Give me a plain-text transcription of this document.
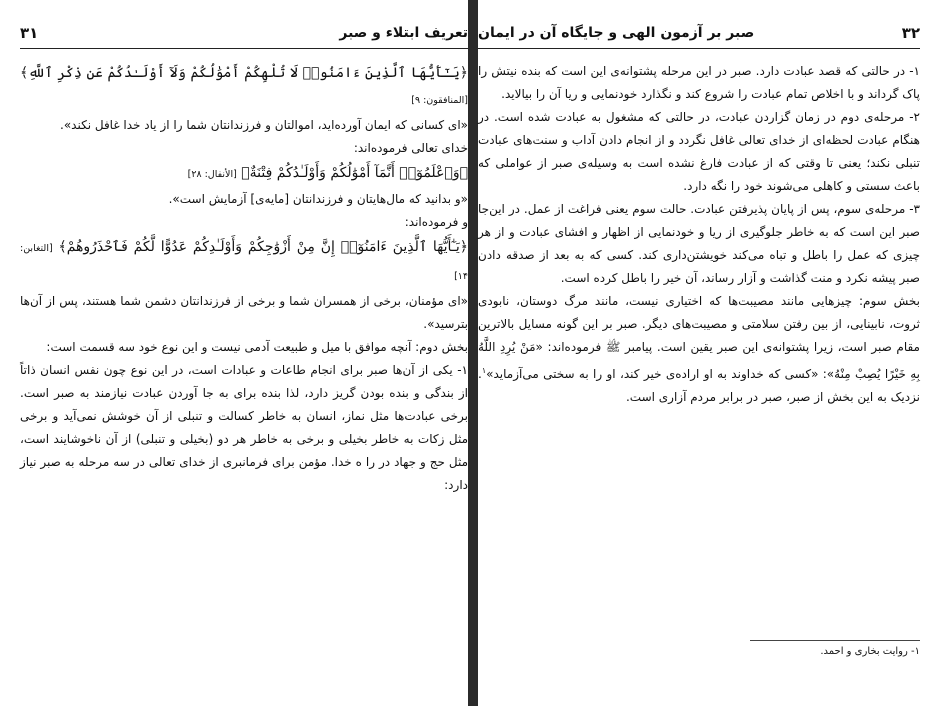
تعریف ابتلاء و صبر
۳۱

﴿يَـٰٓأَيُّهَا ٱلَّذِينَ ءَامَنُوا۟ لَا تُلْهِكُمْ أَمْوَٰلُكُمْ وَلَآ أَوْلَـٰدُكُمْ عَن ذِكْرِ ٱللَّهِ﴾ [المنافقون: ۹]

«ای کسانی که ایمان آورده‌اید، اموالتان و فرزندانتان شما را از یاد خدا غافل نکند».

خدای تعالی فرموده‌اند:

﴿وَٱعْلَمُوٓا۟ أَنَّمَآ أَمْوَٰلُكُمْ وَأَوْلَـٰدُكُمْ فِتْنَةٌ﴾ [الأنفال: ۲۸]

«و بدانید که مال‌هایتان و فرزندانتان [مایه‌ی] آزمایش است».

و فرموده‌اند:

﴿يَـٰٓأَيُّهَا ٱلَّذِينَ ءَامَنُوٓا۟ إِنَّ مِنْ أَزْوَٰجِكُمْ وَأَوْلَـٰدِكُمْ عَدُوًّا لَّكُمْ فَٱحْذَرُوهُمْ﴾ [التغابن: ۱۴]

«ای مؤمنان، برخی از همسران شما و برخی از فرزندانتان دشمن شما هستند، پس از آن‌ها بترسید».

بخش دوم: آنچه موافق با میل و طبیعت آدمی نیست و این نوع خود سه قسمت است:

۱- یکی از آن‌ها صبر برای انجام طاعات و عبادات است، در این نوع چون نفس انسان ذاتاً از بندگی و بنده بودن گریز دارد، لذا بنده برای به جا آوردن عبادت نیازمند به صبر است. برخی عبادت‌ها مثل نماز، انسان به خاطر کسالت و تنبلی از آن خوشش نمی‌آید و برخی مثل زکات به خاطر بخیلی و برخی به خاطر هر دو (بخیلی و تنبلی) از آن ناخوشایند است، مثل حج و جهاد در را ه خدا. مؤمن برای فرمانبری از خدای تعالی در سه مرحله به صبر نیاز دارد:

۳۲
صبر بر آزمون الهی و جایگاه آن در ایمان

۱- در حالتی که قصد عبادت دارد. صبر در این مرحله پشتوانه‌ی این است که بنده نیتش را پاک گرداند و با اخلاص تمام عبادت را شروع کند و نگذارد خودنمایی و ریا آن را بیالاید.

۲- مرحله‌ی دوم در زمان گزاردن عبادت، در حالتی که مشغول به عبادت شده است. در هنگام عبادت لحظه‌ای از خدای تعالی غافل نگردد و از انجام دادن آداب و سنت‌های عبادت تنبلی نکند؛ یعنی تا وقتی که از عبادت فارغ نشده است به وسیله‌ی صبر از عواملی که باعث سستی و کاهلی می‌شوند خود را نگه دارد.

۳- مرحله‌ی سوم، پس از پایان پذیرفتن عبادت. حالت سوم یعنی فراغت از عمل. در این‌جا صبر این است که به خاطر جلوگیری از ریا و خودنمایی از اظهار و افشای عبادت و از هر چیزی که عمل را باطل و تباه می‌کند خویشتن‌داری کند. کسی که به بعد از صدقه دادن صبر پیشه نکرد و منت گذاشت و آزار رساند، آن خیر را باطل کرده است.

بخش سوم: چیزهایی مانند مصیبت‌ها که اختیاری نیست، مانند مرگ دوستان، نابودی ثروت، نابینایی، از بین رفتن سلامتی و مصیبت‌های دیگر. صبر بر این گونه مسایل بالاترین مقام صبر است، زیرا پشتوانه‌ی این صبر یقین است. پیامبر ﷺ فرموده‌اند: «مَنْ يُرِدِ اللَّهُ بِهِ خَيْرًا يُصِبْ مِنْهُ»: «کسی که خداوند به او اراده‌ی خیر کند، او را به سختی می‌آزماید»$^۱$. نزدیک به این بخش از صبر، صبر در برابر مردم آزاری است.

۱- روایت بخاری و احمد.
